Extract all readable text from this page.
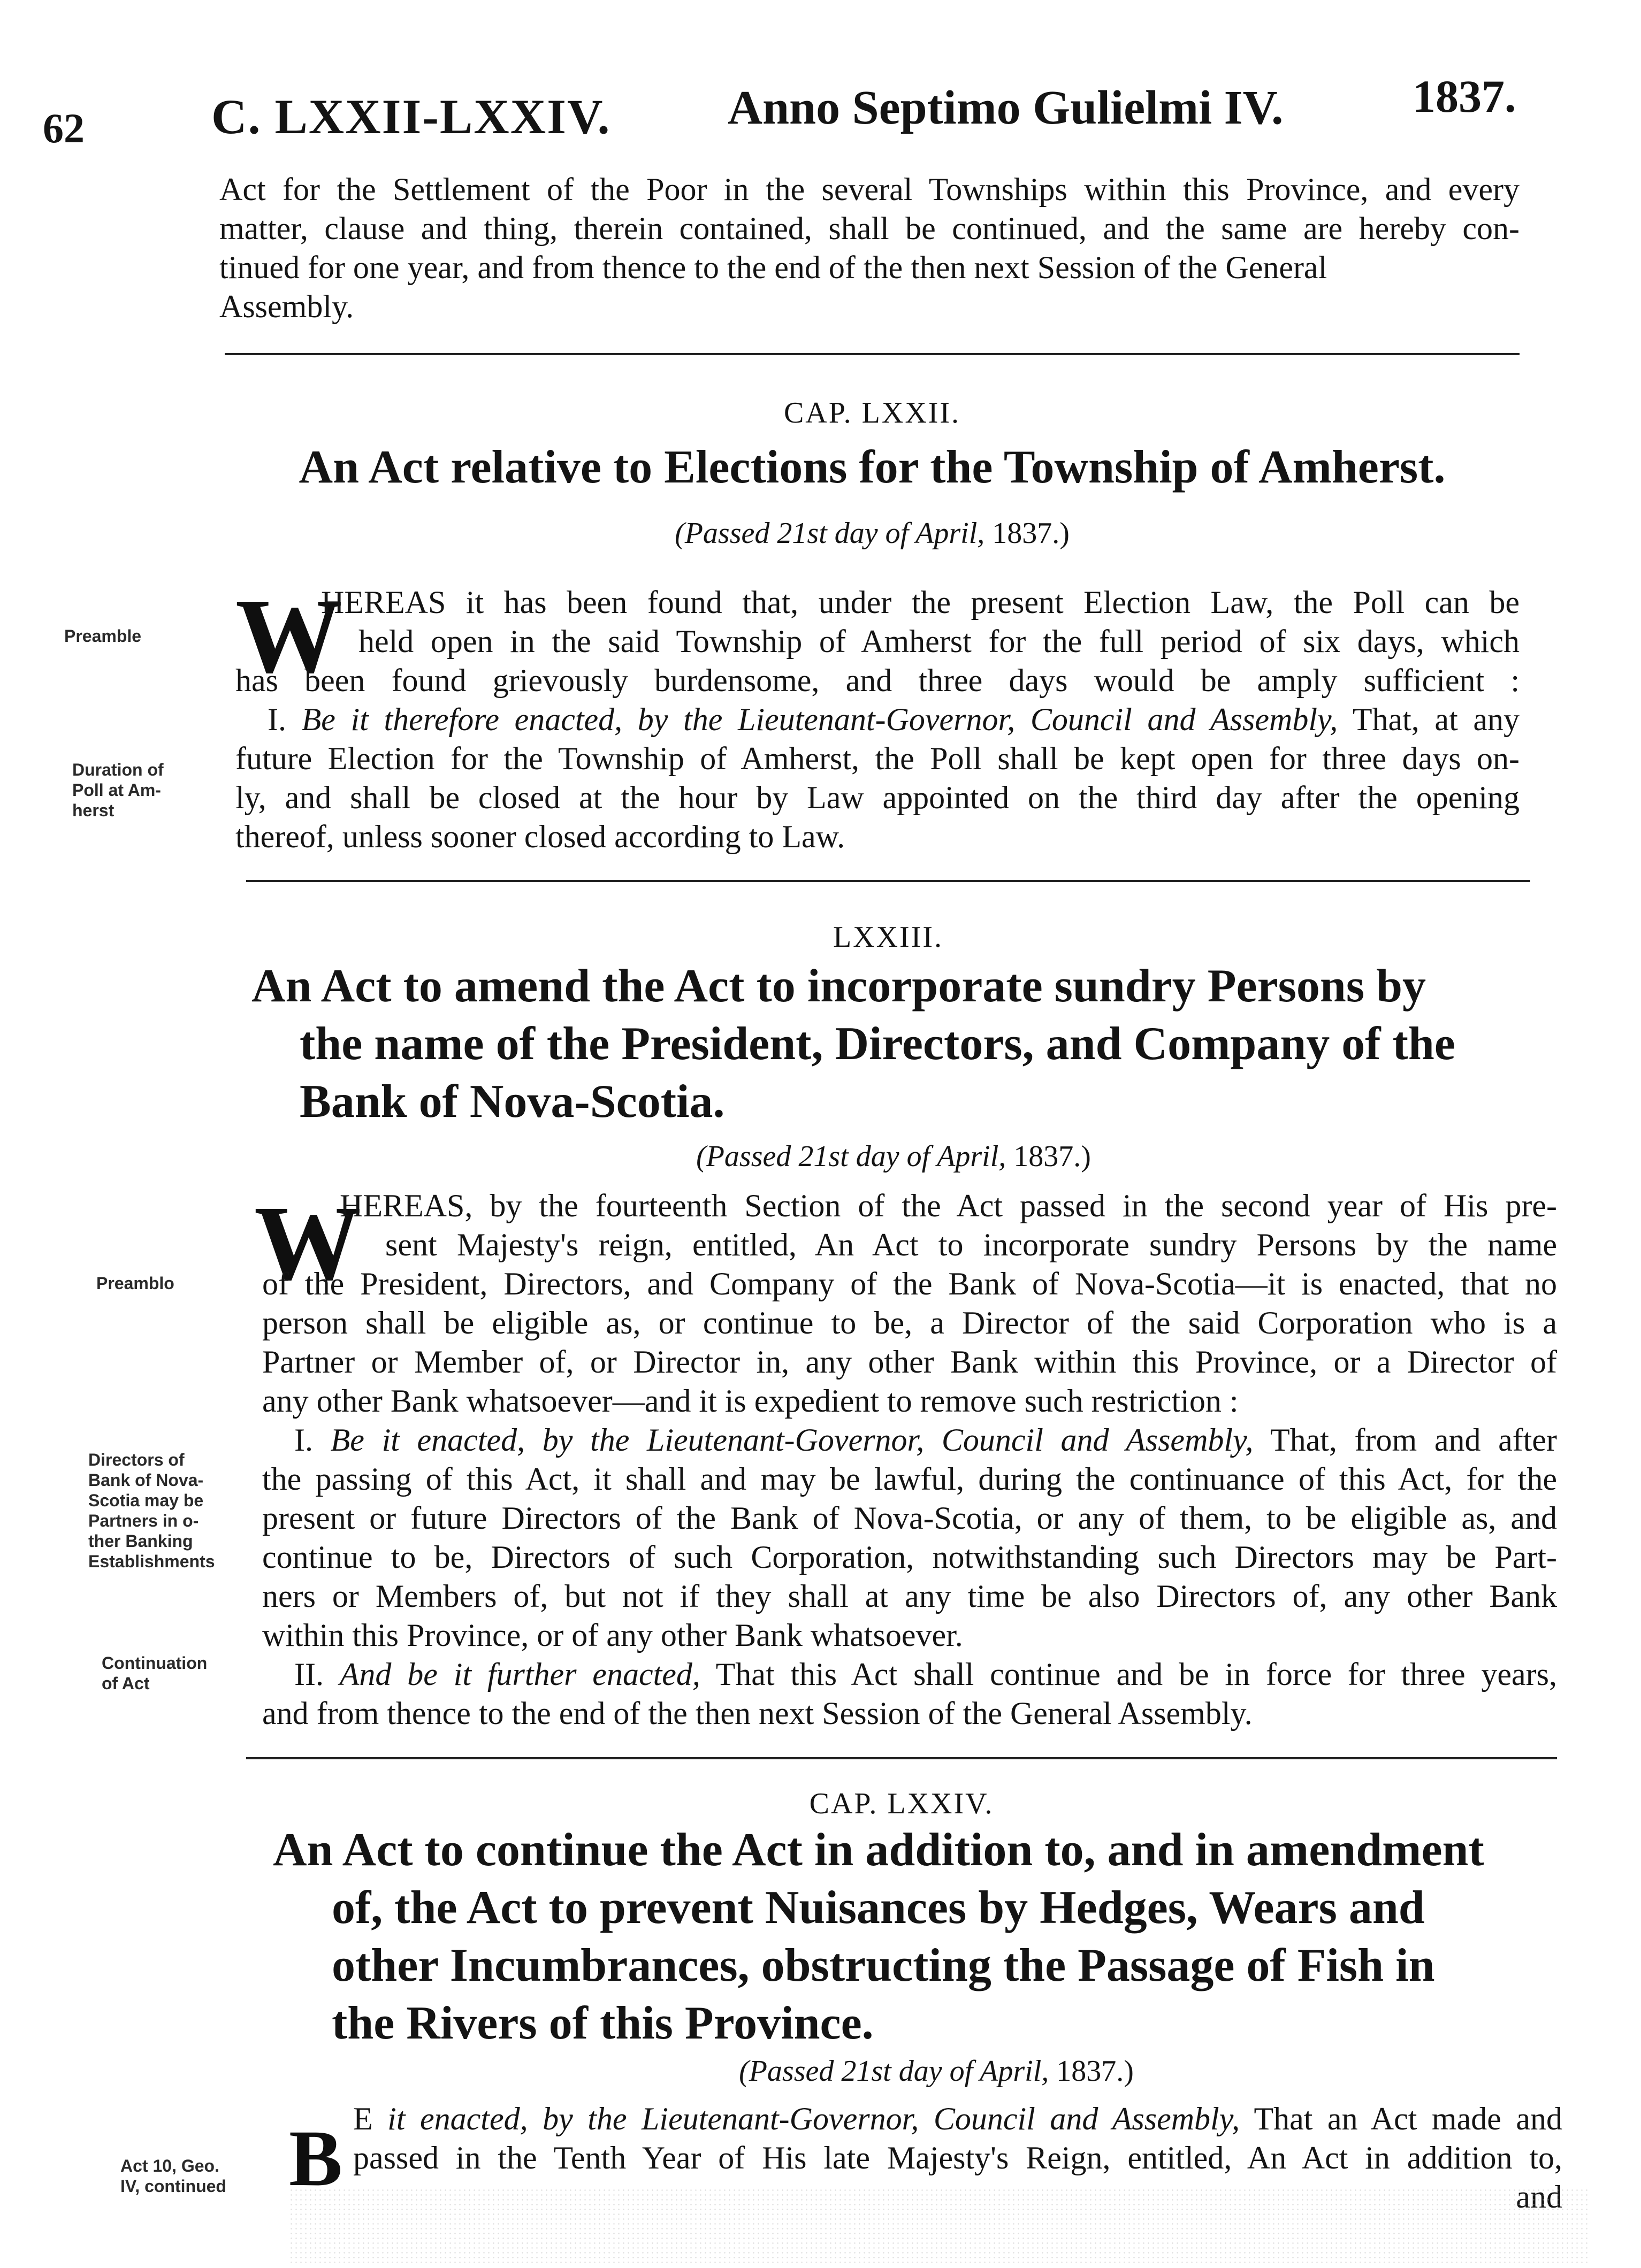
62	C. LXXII-LXXIV. Anno Septimo Gulielmi IV.	1837.
Act for the Settlement of the Poor in the several Townships within this Province, and every
matter, clause and thing, therein contained, shall be continued, and the same are hereby con-
tinued for one year, and from thence to the end of the then next Session of the General
Assembly.
CAP. LXXII.
An Act relative to Elections for the Township of Amherst.
(Passed 21st day of April, 1837.)
Preamble
Duration of
Poll at Am-
herst
W
HEREAS it has been found that, under the present Election Law, the Poll can be
held open in the said Township of Amherst for the full period of six days, which
has been found grievously burdensome, and three days would be amply sufficient :
I. Be it therefore enacted, by the Lieutenant-Governor, Council and Assembly, That, at any
future Election for the Township of Amherst, the Poll shall be kept open for three days on-
ly, and shall be closed at the hour by Law appointed on the third day after the opening
thereof, unless sooner closed according to Law.
LXXIII.
An Act to amend the Act to incorporate sundry Persons by
the name of the President, Directors, and Company of the
Bank of Nova-Scotia.
(Passed 21st day of April, 1837.)
Preamblo
Directors of
Bank of Nova-
Scotia may be
Partners in o-
ther Banking
Establishments
Continuation
of Act
W
HEREAS, by the fourteenth Section of the Act passed in the second year of His pre-
sent Majesty's reign, entitled, An Act to incorporate sundry Persons by the name
of the President, Directors, and Company of the Bank of Nova-Scotia—it is enacted, that no
person shall be eligible as, or continue to be, a Director of the said Corporation who is a
Partner or Member of, or Director in, any other Bank within this Province, or a Director of
any other Bank whatsoever—and it is expedient to remove such restriction :
I. Be it enacted, by the Lieutenant-Governor, Council and Assembly, That, from and after
the passing of this Act, it shall and may be lawful, during the continuance of this Act, for the
present or future Directors of the Bank of Nova-Scotia, or any of them, to be eligible as, and
continue to be, Directors of such Corporation, notwithstanding such Directors may be Part-
ners or Members of, but not if they shall at any time be also Directors of, any other Bank
within this Province, or of any other Bank whatsoever.
II. And be it further enacted, That this Act shall continue and be in force for three years,
and from thence to the end of the then next Session of the General Assembly.
CAP. LXXIV.
An Act to continue the Act in addition to, and in amendment
of, the Act to prevent Nuisances by Hedges, Wears and
other Incumbrances, obstructing the Passage of Fish in
the Rivers of this Province.
(Passed 21st day of April, 1837.)
Act 10, Geo.
IV, continued B E it enacted, by the Lieutenant-Governor, Council and Assembly, That an Act made and
passed in the Tenth Year of His late Majesty's Reign, entitled, An Act in addition to,
and
